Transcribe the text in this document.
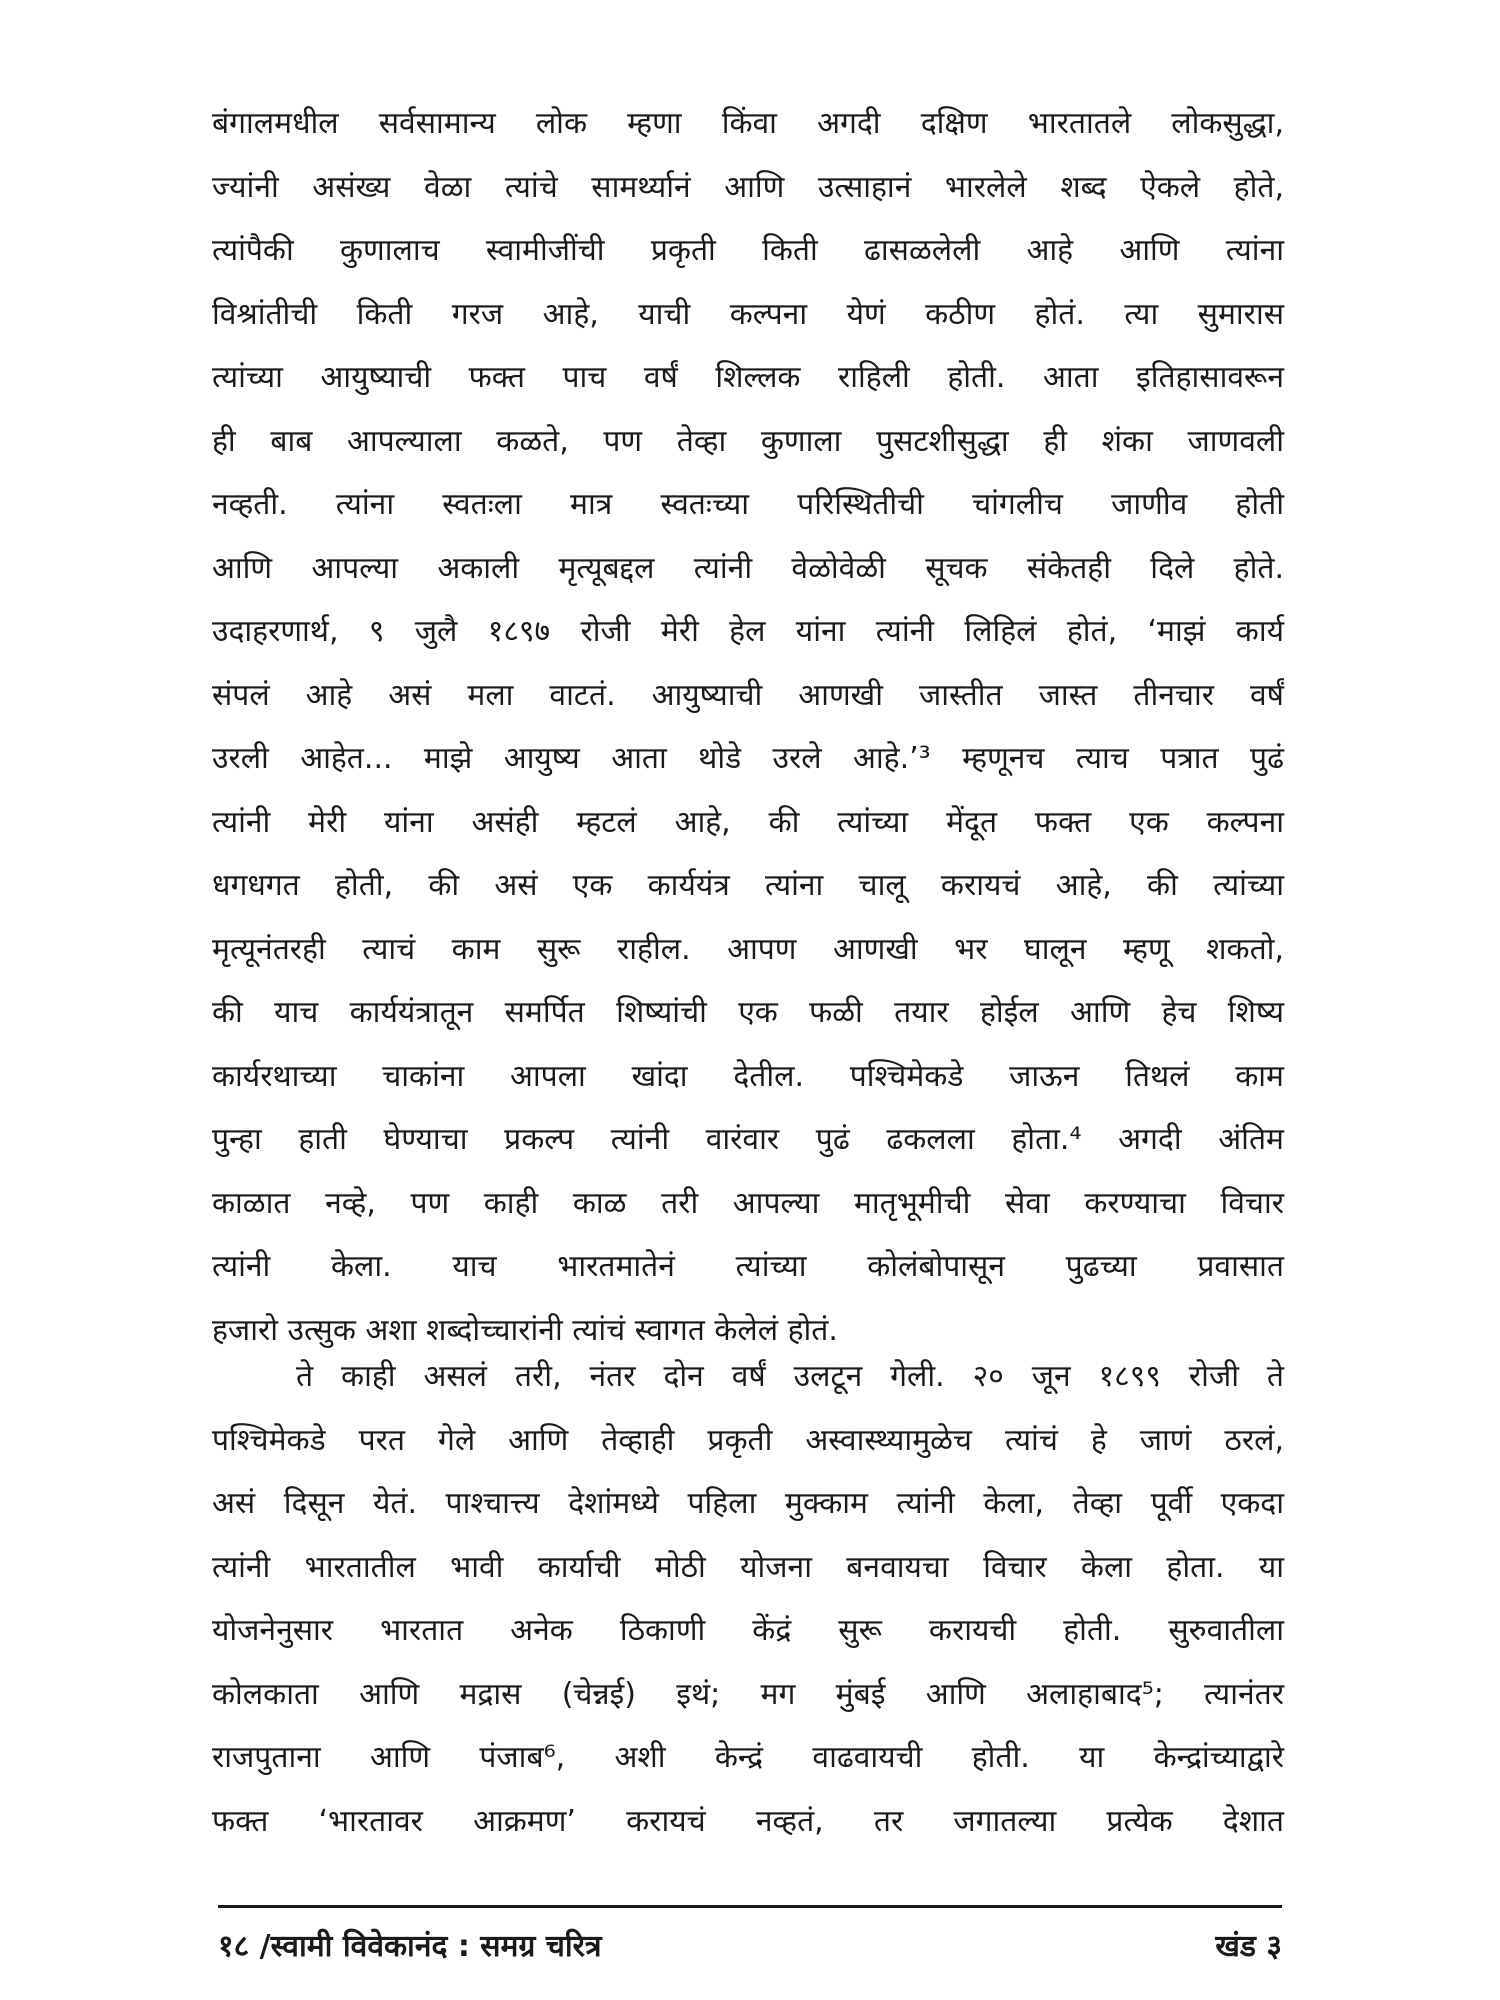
बंगालमधील सर्वसामान्य लोक म्हणा किंवा अगदी दक्षिण भारतातले लोकसुद्धा,
ज्यांनी असंख्य वेळा त्यांचे सामर्थ्यानं आणि उत्साहानं भारलेले शब्द ऐकले होते,
त्यांपैकी कुणालाच स्वामीजींची प्रकृती किती ढासळलेली आहे आणि त्यांना
विश्रांतीची किती गरज आहे, याची कल्पना येणं कठीण होतं. त्या सुमारास
त्यांच्या आयुष्याची फक्त पाच वर्षं शिल्लक राहिली होती. आता इतिहासावरून
ही बाब आपल्याला कळते, पण तेव्हा कुणाला पुसटशीसुद्धा ही शंका जाणवली
नव्हती. त्यांना स्वतःला मात्र स्वतःच्या परिस्थितीची चांगलीच जाणीव होती
आणि आपल्या अकाली मृत्यूबद्दल त्यांनी वेळोवेळी सूचक संकेतही दिले होते.
उदाहरणार्थ, ९ जुलै १८९७ रोजी मेरी हेल यांना त्यांनी लिहिलं होतं, ‘माझं कार्य
संपलं आहे असं मला वाटतं. आयुष्याची आणखी जास्तीत जास्त तीनचार वर्षं
उरली आहेत... माझे आयुष्य आता थोडे उरले आहे.’³ म्हणूनच त्याच पत्रात पुढं
त्यांनी मेरी यांना असंही म्हटलं आहे, की त्यांच्या मेंदूत फक्त एक कल्पना
धगधगत होती, की असं एक कार्ययंत्र त्यांना चालू करायचं आहे, की त्यांच्या
मृत्यूनंतरही त्याचं काम सुरू राहील. आपण आणखी भर घालून म्हणू शकतो,
की याच कार्ययंत्रातून समर्पित शिष्यांची एक फळी तयार होईल आणि हेच शिष्य
कार्यरथाच्या चाकांना आपला खांदा देतील. पश्चिमेकडे जाऊन तिथलं काम
पुन्हा हाती घेण्याचा प्रकल्प त्यांनी वारंवार पुढं ढकलला होता.⁴ अगदी अंतिम
काळात नव्हे, पण काही काळ तरी आपल्या मातृभूमीची सेवा करण्याचा विचार
त्यांनी केला. याच भारतमातेनं त्यांच्या कोलंबोपासून पुढच्या प्रवासात
हजारो उत्सुक अशा शब्दोच्चारांनी त्यांचं स्वागत केलेलं होतं.
ते काही असलं तरी, नंतर दोन वर्षं उलटून गेली. २० जून १८९९ रोजी ते
पश्चिमेकडे परत गेले आणि तेव्हाही प्रकृती अस्वास्थ्यामुळेच त्यांचं हे जाणं ठरलं,
असं दिसून येतं. पाश्चात्त्य देशांमध्ये पहिला मुक्काम त्यांनी केला, तेव्हा पूर्वी एकदा
त्यांनी भारतातील भावी कार्याची मोठी योजना बनवायचा विचार केला होता. या
योजनेनुसार भारतात अनेक ठिकाणी केंद्रं सुरू करायची होती. सुरुवातीला
कोलकाता आणि मद्रास (चेन्नई) इथं; मग मुंबई आणि अलाहाबाद⁵; त्यानंतर
राजपुताना आणि पंजाब⁶, अशी केन्द्रं वाढवायची होती. या केन्द्रांच्याद्वारे
फक्त ‘भारतावर आक्रमण’ करायचं नव्हतं, तर जगातल्या प्रत्येक देशात
१८ /स्वामी विवेकानंद : समग्र चरित्र	खंड ३
